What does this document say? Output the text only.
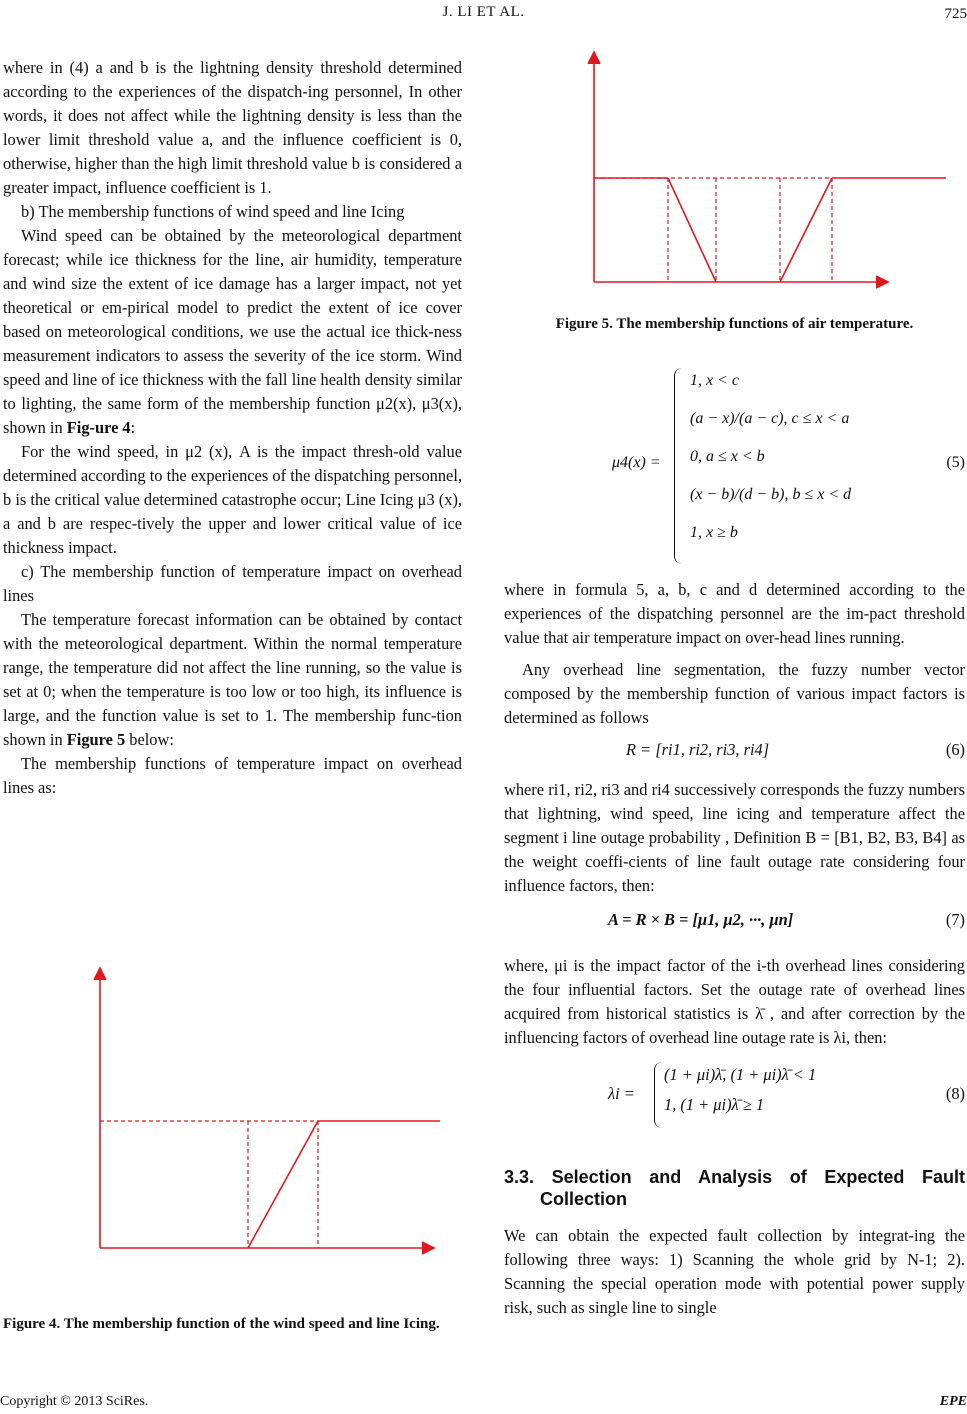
J. LI ET AL.	725

where in (4) a and b is the lightning density threshold determined according to the experiences of the dispatch-ing personnel, In other words, it does not affect while the lightning density is less than the lower limit threshold value a, and the influence coefficient is 0, otherwise, higher than the high limit threshold value b is considered a greater impact, influence coefficient is 1.

b) The membership functions of wind speed and line Icing

Wind speed can be obtained by the meteorological department forecast; while ice thickness for the line, air humidity, temperature and wind size the extent of ice damage has a larger impact, not yet theoretical or em-pirical model to predict the extent of ice cover based on meteorological conditions, we use the actual ice thick-ness measurement indicators to assess the severity of the ice storm. Wind speed and line of ice thickness with the fall line health density similar to lighting, the same form of the membership function μ2(x), μ3(x), shown in Fig-ure 4:

For the wind speed, in μ2 (x), A is the impact thresh-old value determined according to the experiences of the dispatching personnel, b is the critical value determined catastrophe occur; Line Icing μ3 (x), a and b are respec-tively the upper and lower critical value of ice thickness impact.

c) The membership function of temperature impact on overhead lines

The temperature forecast information can be obtained by contact with the meteorological department. Within the normal temperature range, the temperature did not affect the line running, so the value is set at 0; when the temperature is too low or too high, its influence is large, and the function value is set to 1. The membership func-tion shown in Figure 5 below:

The membership functions of temperature impact on overhead lines as:

Figure 4. The membership function of the wind speed and line Icing.
Figure 5. The membership functions of air temperature.
μ4(x) =
1, x < c
(a − x)/(a − c), c ≤ x < a
0, a ≤ x < b
(x − b)/(d − b), b ≤ x < d
1, x ≥ b
(5)

where in formula 5, a, b, c and d determined according to the experiences of the dispatching personnel are the im-pact threshold value that air temperature impact on over-head lines running.

Any overhead line segmentation, the fuzzy number vector composed by the membership function of various impact factors is determined as follows

R = [ri1, ri2, ri3, ri4]	(6)

where ri1, ri2, ri3 and ri4 successively corresponds the fuzzy numbers that lightning, wind speed, line icing and temperature affect the segment i line outage probability , Definition B = [B1, B2, B3, B4] as the weight coeffi-cients of line fault outage rate considering four influence factors, then:

A = R × B = [μ1, μ2, ···, μn]	(7)

where, μi is the impact factor of the i-th overhead lines considering the four influential factors. Set the outage rate of overhead lines acquired from historical statistics is λ̄ , and after correction by the influencing factors of overhead line outage rate is λi, then:

λi =
(1 + μi)λ̄, (1 + μi)λ̄ < 1
1, (1 + μi)λ̄ ≥ 1
(8)
3.3. Selection and Analysis of Expected Fault Collection

We can obtain the expected fault collection by integrat-ing the following three ways: 1) Scanning the whole grid by N-1; 2). Scanning the special operation mode with potential power supply risk, such as single line to single

Copyright © 2013 SciRes.	EPE
